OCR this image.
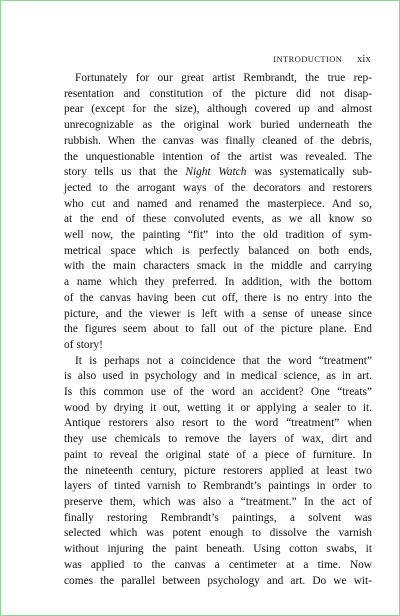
INTRODUCTION xix
Fortunately for our great artist Rembrandt, the true rep-
resentation and constitution of the picture did not disap-
pear (except for the size), although covered up and almost
unrecognizable as the original work buried underneath the
rubbish. When the canvas was finally cleaned of the debris,
the unquestionable intention of the artist was revealed. The
story tells us that the Night Watch was systematically sub-
jected to the arrogant ways of the decorators and restorers
who cut and named and renamed the masterpiece. And so,
at the end of these convoluted events, as we all know so
well now, the painting “fit” into the old tradition of sym-
metrical space which is perfectly balanced on both ends,
with the main characters smack in the middle and carrying
a name which they preferred. In addition, with the bottom
of the canvas having been cut off, there is no entry into the
picture, and the viewer is left with a sense of unease since
the figures seem about to fall out of the picture plane. End
of story!
It is perhaps not a coincidence that the word “treatment”
is also used in psychology and in medical science, as in art.
Is this common use of the word an accident? One “treats”
wood by drying it out, wetting it or applying a sealer to it.
Antique restorers also resort to the word “treatment” when
they use chemicals to remove the layers of wax, dirt and
paint to reveal the original state of a piece of furniture. In
the nineteenth century, picture restorers applied at least two
layers of tinted varnish to Rembrandt’s paintings in order to
preserve them, which was also a “treatment.” In the act of
finally restoring Rembrandt’s paintings, a solvent was
selected which was potent enough to dissolve the varnish
without injuring the paint beneath. Using cotton swabs, it
was applied to the canvas a centimeter at a time. Now
comes the parallel between psychology and art. Do we wit-
